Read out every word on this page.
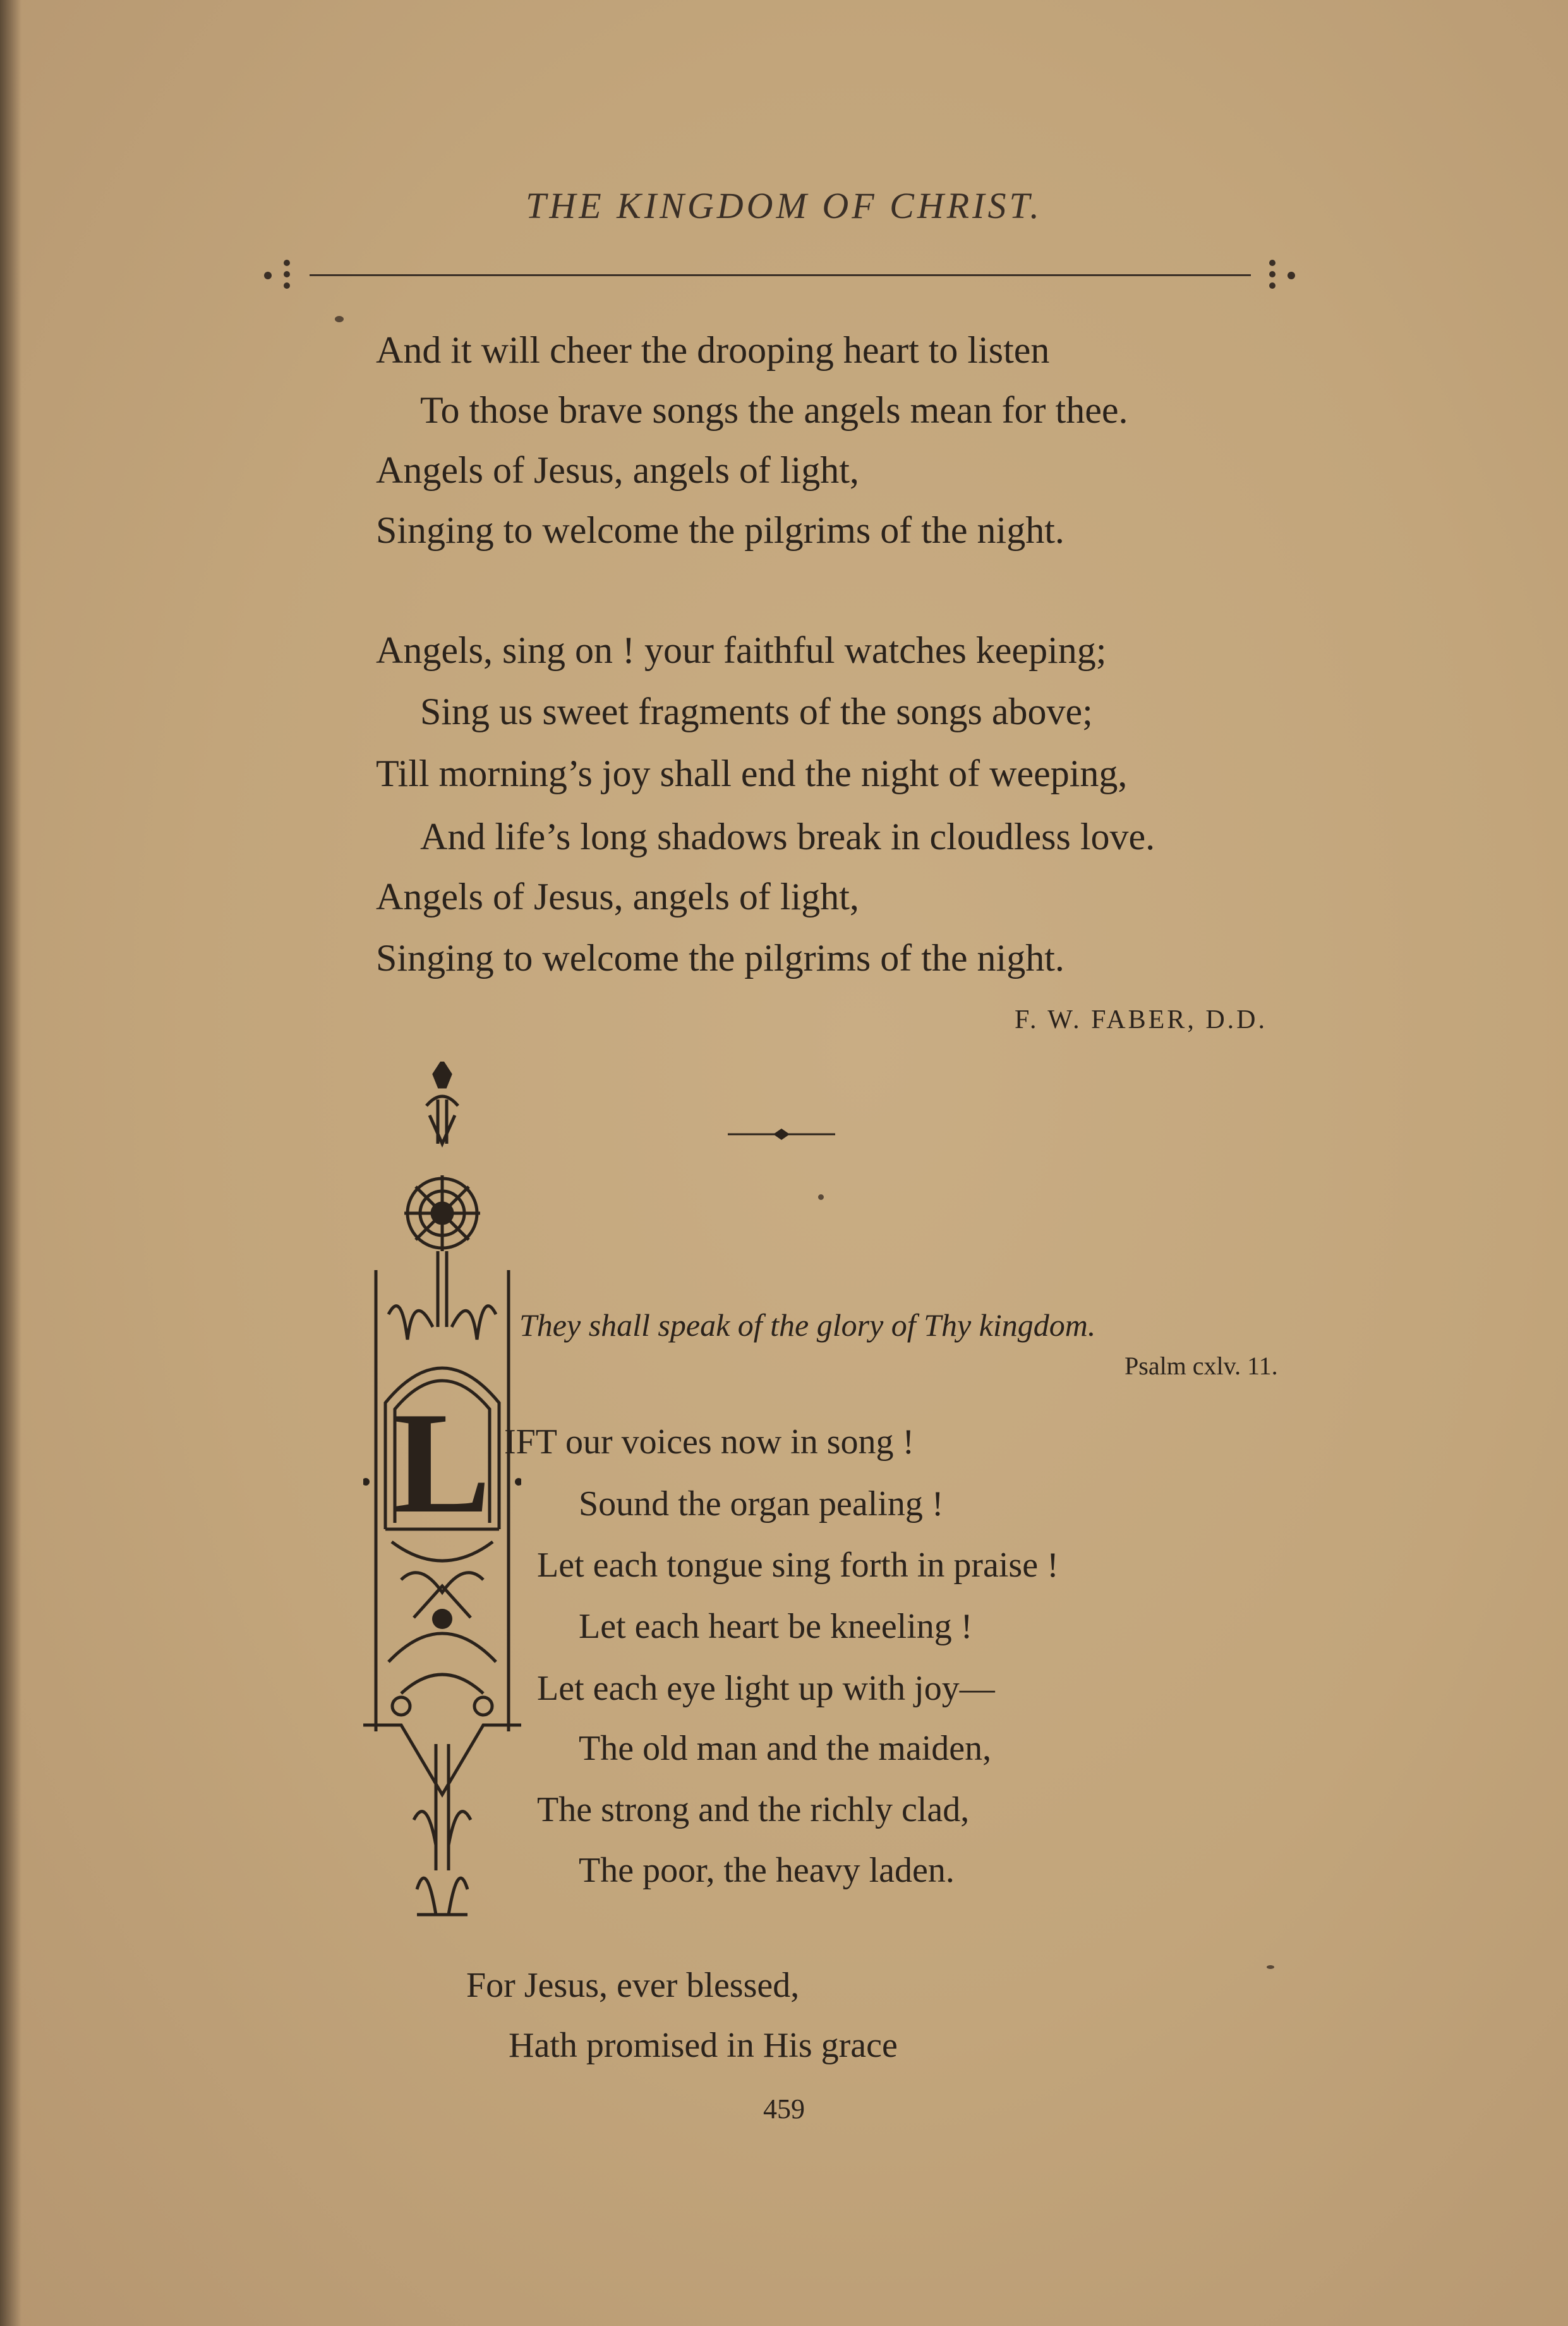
THE KINGDOM OF CHRIST.
And it will cheer the drooping heart to listen
To those brave songs the angels mean for thee.
Angels of Jesus, angels of light,
Singing to welcome the pilgrims of the night.
Angels, sing on ! your faithful watches keeping;
Sing us sweet fragments of the songs above;
Till morning’s joy shall end the night of weeping,
And life’s long shadows break in cloudless love.
Angels of Jesus, angels of light,
Singing to welcome the pilgrims of the night.
F. W. FABER, D.D.
L
They shall speak of the glory of Thy kingdom.
Psalm cxlv. 11.
IFT our voices now in song !
Sound the organ pealing !
Let each tongue sing forth in praise !
Let each heart be kneeling !
Let each eye light up with joy—
The old man and the maiden,
The strong and the richly clad,
The poor, the heavy laden.
For Jesus, ever blessed,
Hath promised in His grace
459
